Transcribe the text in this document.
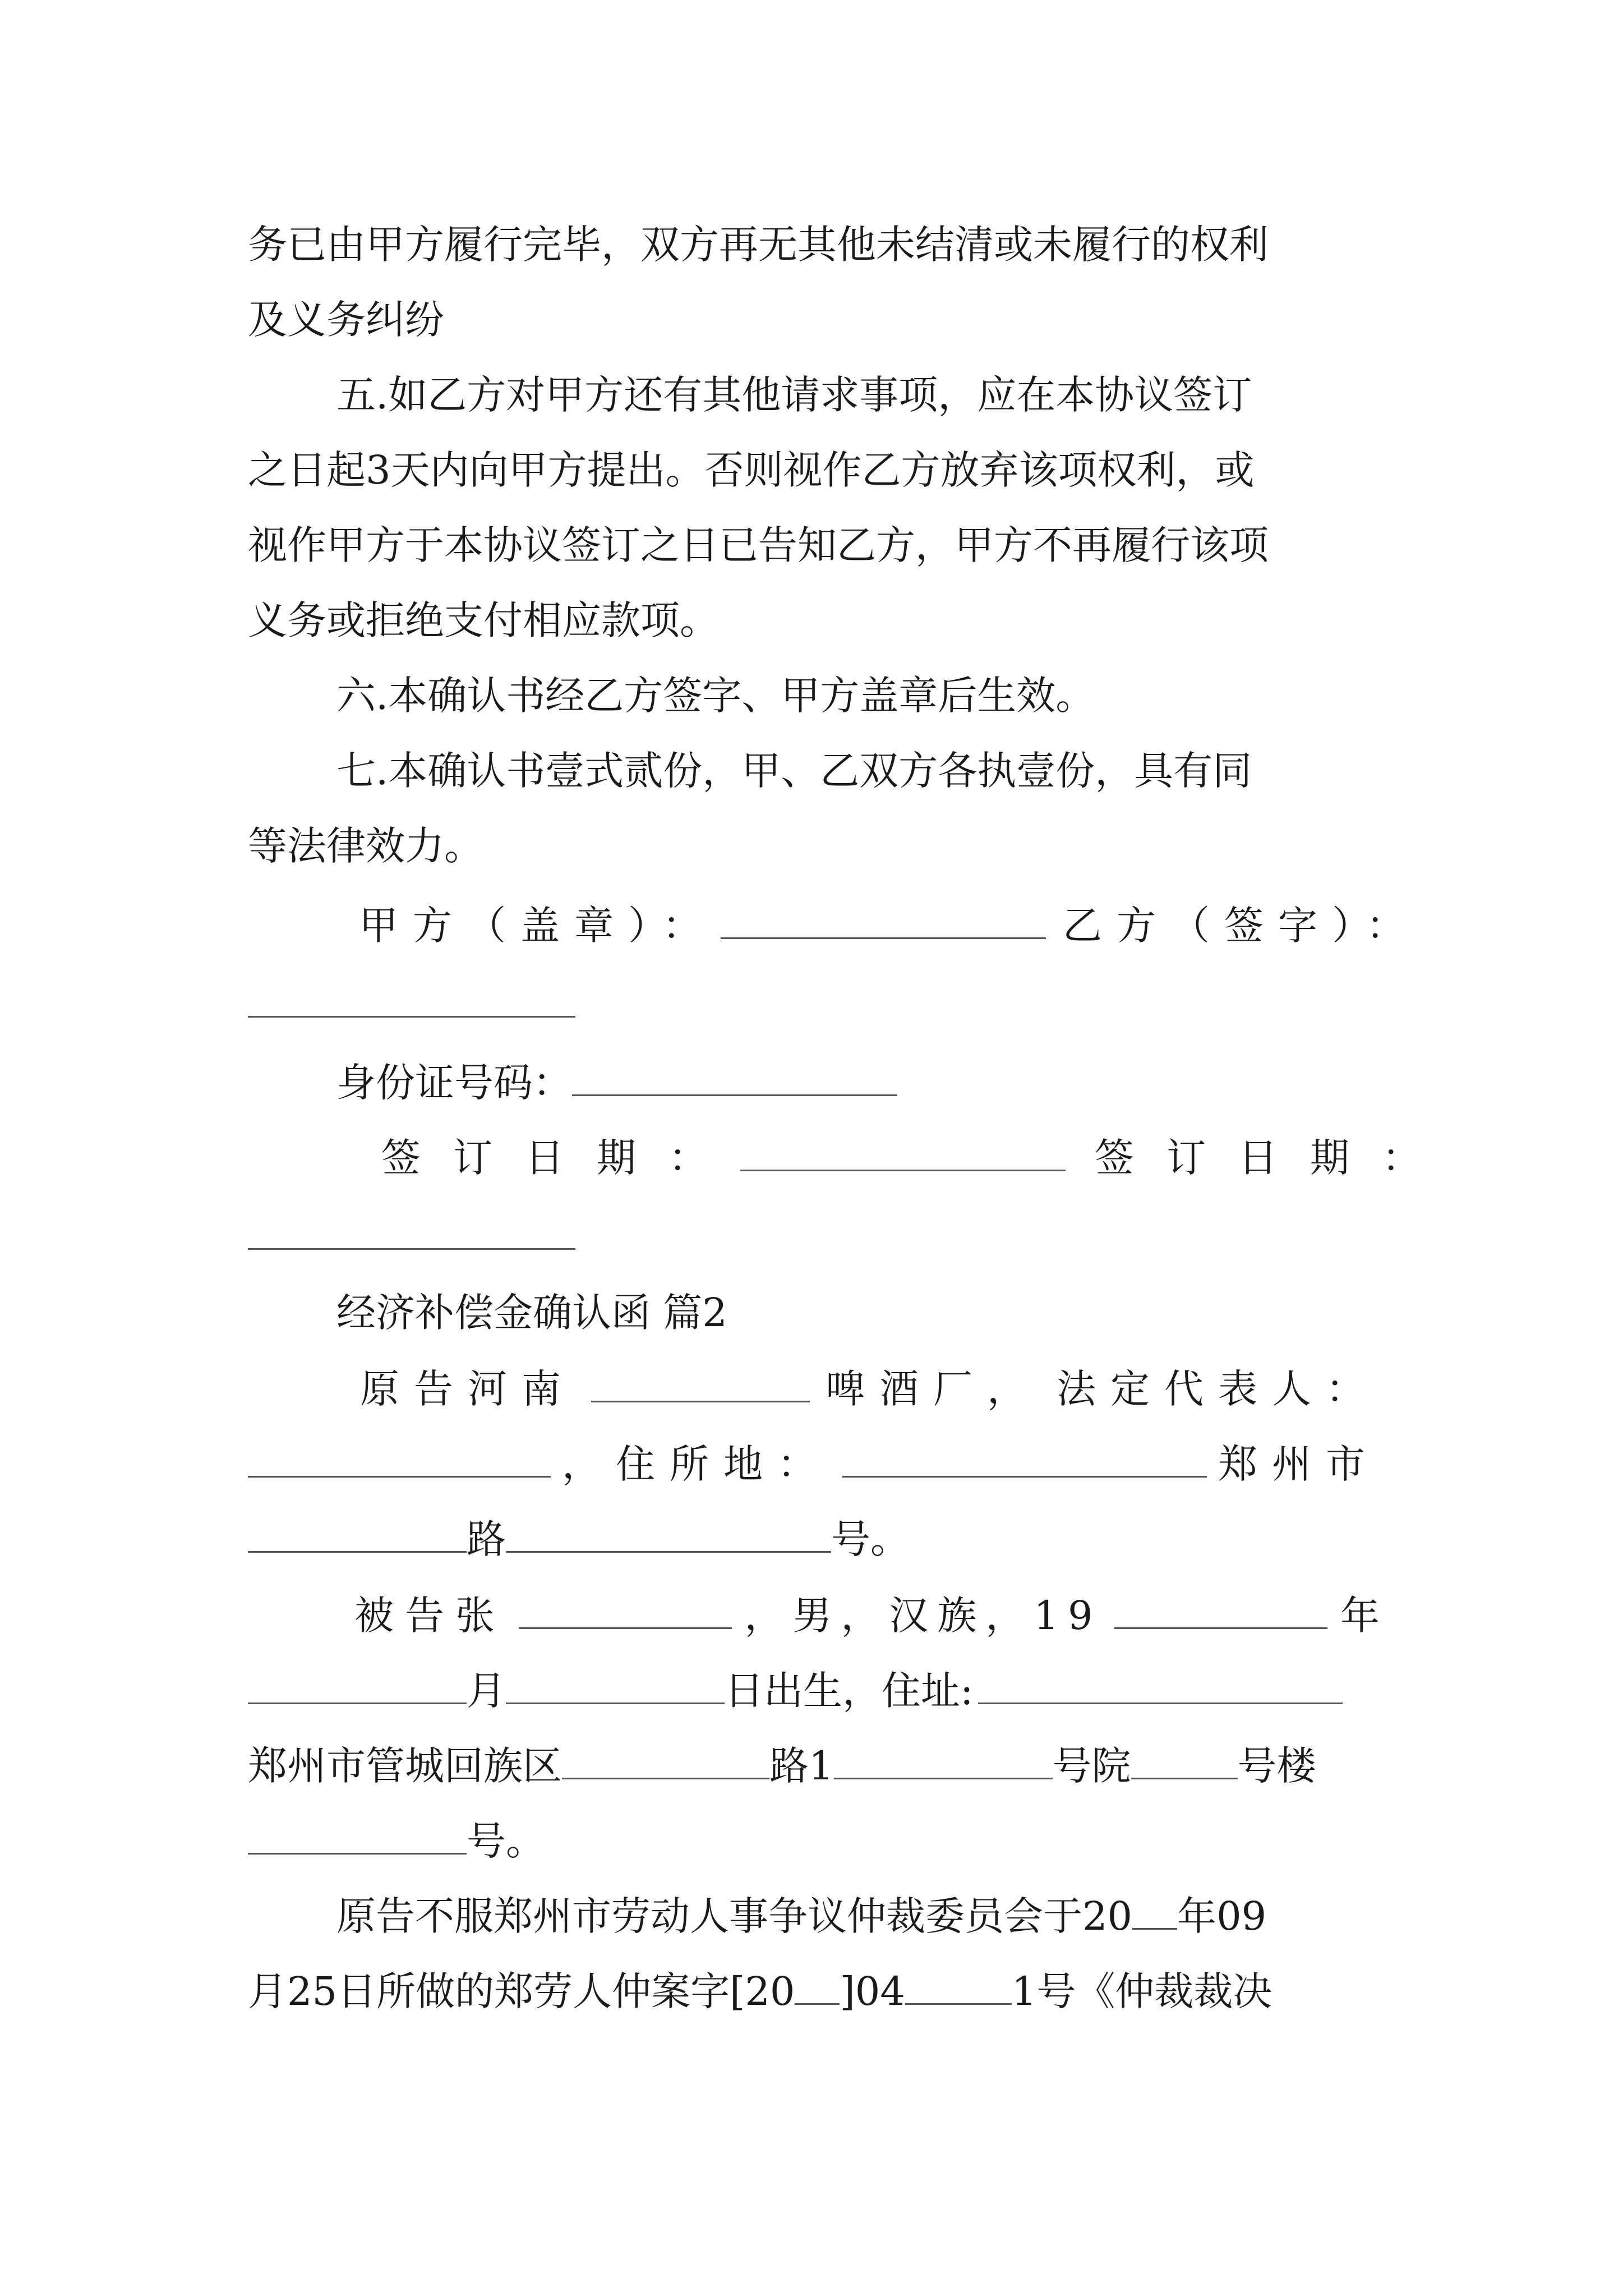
务已由甲方履行完毕，双方再无其他未结清或未履行的权利
及义务纠纷
五.如乙方对甲方还有其他请求事项，应在本协议签订
之日起3天内向甲方提出。否则视作乙方放弃该项权利，或
视作甲方于本协议签订之日已告知乙方，甲方不再履行该项
义务或拒绝支付相应款项。
六.本确认书经乙方签字、甲方盖章后生效。
七.本确认书壹式贰份，甲、乙双方各执壹份，具有同
等法律效力。
甲方（盖章）：	乙方（签字）：
身份证号码：
签订日期：	签订日期：
经济补偿金确认函 篇2
原告河南	啤酒厂， 法定代表人：
，住所地：	郑州市
路	号。
被告张	，男，汉族，19	年
月	日出生，住址:
郑州市管城回族区	路1	号院	号楼
号。
原告不服郑州市劳动人事争议仲裁委员会于20 年09
月25日所做的郑劳人仲案字[20 ]04	1号《仲裁裁决
